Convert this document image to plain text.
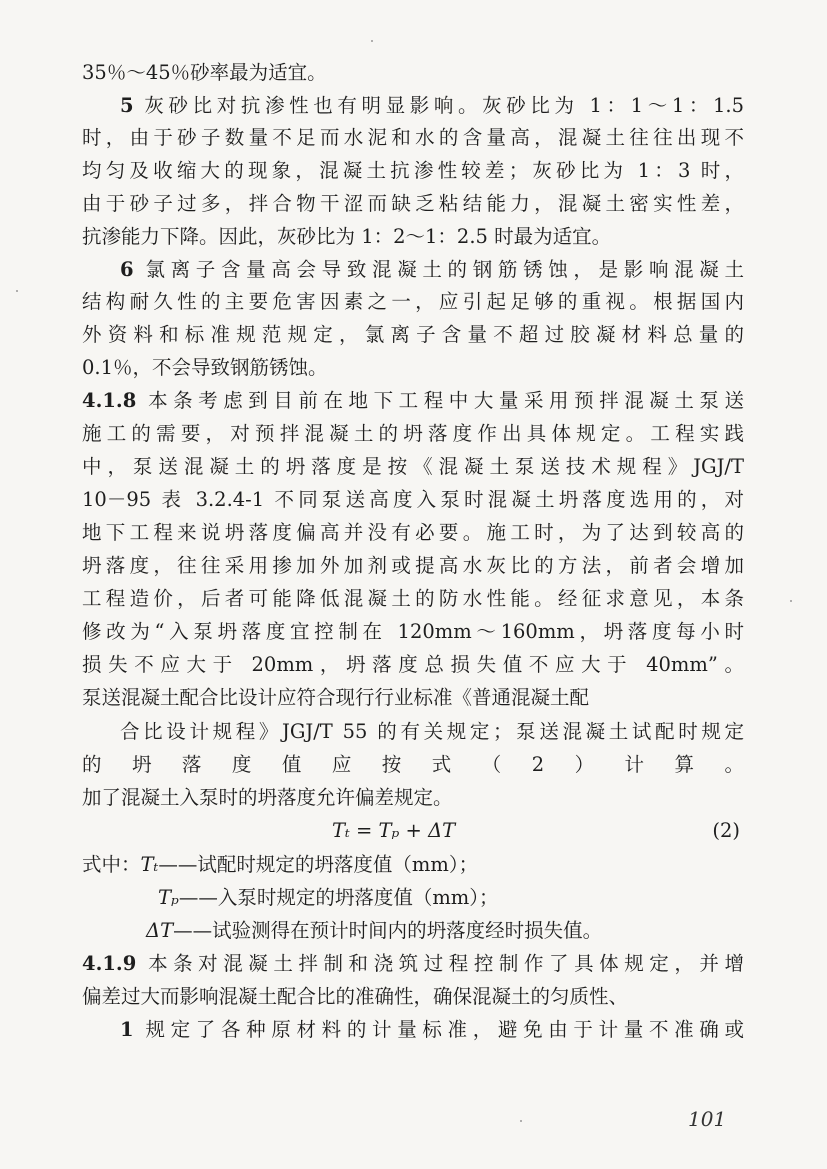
35％～45％砂率最为适宜。
5 灰砂比对抗渗性也有明显影响。灰砂比为 1：1～1：1.5
时，由于砂子数量不足而水泥和水的含量高，混凝土往往出现不
均匀及收缩大的现象，混凝土抗渗性较差；灰砂比为 1：3 时，
由于砂子过多，拌合物干涩而缺乏粘结能力，混凝土密实性差，
抗渗能力下降。因此，灰砂比为 1：2～1：2.5 时最为适宜。
6 氯离子含量高会导致混凝土的钢筋锈蚀，是影响混凝土
结构耐久性的主要危害因素之一，应引起足够的重视。根据国内
外资料和标准规范规定，氯离子含量不超过胶凝材料总量的
0.1％，不会导致钢筋锈蚀。
4.1.8 本条考虑到目前在地下工程中大量采用预拌混凝土泵送
施工的需要，对预拌混凝土的坍落度作出具体规定。工程实践
中，泵送混凝土的坍落度是按《混凝土泵送技术规程》JGJ/T
10－95 表 3.2.4-1 不同泵送高度入泵时混凝土坍落度选用的，对
地下工程来说坍落度偏高并没有必要。施工时，为了达到较高的
坍落度，往往采用掺加外加剂或提高水灰比的方法，前者会增加
工程造价，后者可能降低混凝土的防水性能。经征求意见，本条
修改为“入泵坍落度宜控制在 120mm～160mm，坍落度每小时
损失不应大于 20mm，坍落度总损失值不应大于 40mm”。
泵送混凝土配合比设计应符合现行行业标准《普通混凝土配
合比设计规程》JGJ/T 55 的有关规定；泵送混凝土试配时规定
的坍落度值应按式（2）计算。
加了混凝土入泵时的坍落度允许偏差规定。
Tₜ = Tₚ + ΔT	(2)
式中：Tₜ——试配时规定的坍落度值（mm）；
Tₚ——入泵时规定的坍落度值（mm）；
ΔT——试验测得在预计时间内的坍落度经时损失值。
4.1.9 本条对混凝土拌制和浇筑过程控制作了具体规定，并增
偏差过大而影响混凝土配合比的准确性，确保混凝土的匀质性、
1 规定了各种原材料的计量标准，避免由于计量不准确或
101
